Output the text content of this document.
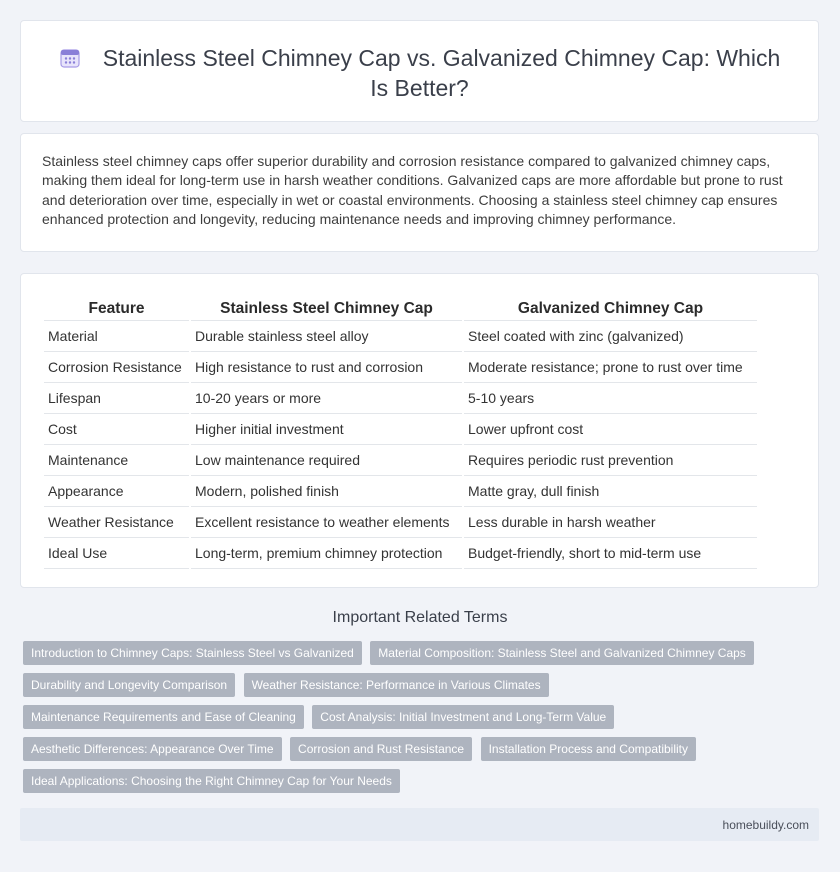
Stainless Steel Chimney Cap vs. Galvanized Chimney Cap: Which Is Better?

Stainless steel chimney caps offer superior durability and corrosion resistance compared to galvanized chimney caps, making them ideal for long-term use in harsh weather conditions. Galvanized caps are more affordable but prone to rust and deterioration over time, especially in wet or coastal environments. Choosing a stainless steel chimney cap ensures enhanced protection and longevity, reducing maintenance needs and improving chimney performance.

Feature	Stainless Steel Chimney Cap	Galvanized Chimney Cap
Material	Durable stainless steel alloy	Steel coated with zinc (galvanized)
Corrosion Resistance	High resistance to rust and corrosion	Moderate resistance; prone to rust over time
Lifespan	10-20 years or more	5-10 years
Cost	Higher initial investment	Lower upfront cost
Maintenance	Low maintenance required	Requires periodic rust prevention
Appearance	Modern, polished finish	Matte gray, dull finish
Weather Resistance	Excellent resistance to weather elements	Less durable in harsh weather
Ideal Use	Long-term, premium chimney protection	Budget-friendly, short to mid-term use
Important Related Terms
Introduction to Chimney Caps: Stainless Steel vs Galvanized Material Composition: Stainless Steel and Galvanized Chimney Caps Durability and Longevity Comparison Weather Resistance: Performance in Various Climates Maintenance Requirements and Ease of Cleaning Cost Analysis: Initial Investment and Long-Term Value Aesthetic Differences: Appearance Over Time Corrosion and Rust Resistance Installation Process and Compatibility Ideal Applications: Choosing the Right Chimney Cap for Your Needs
homebuildy.com
